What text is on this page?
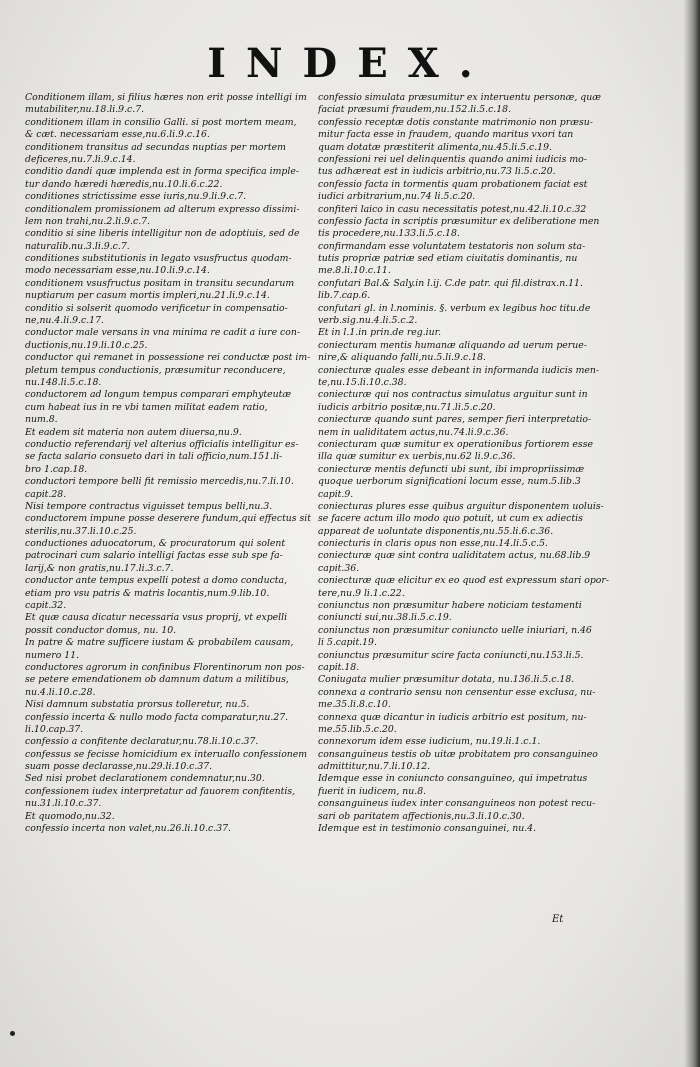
INDEX.
Conditionem illam, si filius hæres non erit posse intelligi im
mutabiliter,nu.18.li.9.c.7.
conditionem illam in consilio Galli. si post mortem meam,
& cæt. necessariam esse,nu.6.li.9.c.16.
conditionem transitus ad secundas nuptias per mortem
deficeres,nu.7.li.9.c.14.
conditio dandi quæ implenda est in forma specifica imple-
tur dando hæredi hæredis,nu.10.li.6.c.22.
conditiones strictissime esse iuris,nu.9.li.9.c.7.
conditionalem promissionem ad alterum expresso dissimi-
lem non trahi,nu.2.li.9.c.7.
conditio si sine liberis intelligitur non de adoptiuis, sed de
naturalib.nu.3.li.9.c.7.
conditiones substitutionis in legato vsusfructus quodam-
modo necessariam esse,nu.10.li.9.c.14.
conditionem vsusfructus positam in transitu secundarum
nuptiarum per casum mortis impleri,nu.21.li.9.c.14.
conditio si solserit quomodo verificetur in compensatio-
ne,nu.4.li.9.c.17.
conductor male versans in vna minima re cadit a iure con-
ductionis,nu.19.li.10.c.25.
conductor qui remanet in possessione rei conductæ post im-
pletum tempus conductionis, præsumitur reconducere,
nu.148.li.5.c.18.
conductorem ad longum tempus comparari emphyteutæ
cum habeat ius in re vbi tamen militat eadem ratio,
num.8.
Et eadem sit materia non autem diuersa,nu.9.
conductio referendarij vel alterius officialis intelligitur es-
se facta salario consueto dari in tali officio,num.151.li-
bro 1.cap.18.
conductori tempore belli fit remissio mercedis,nu.7.li.10.
capit.28.
Nisi tempore contractus viguisset tempus belli,nu.3.
conductorem impune posse deserere fundum,qui effectus sit
sterilis,nu.37.li.10.c.25.
conductiones aduocatorum, & procuratorum qui solent
patrocinari cum salario intelligi factas esse sub spe fa-
larij,& non gratis,nu.17.li.3.c.7.
conductor ante tempus expelli potest a domo conducta,
etiam pro vsu patris & matris locantis,num.9.lib.10.
capit.32.
Et quæ causa dicatur necessaria vsus proprij, vt expelli
possit conductor domus, nu. 10.
In patre & matre sufficere iustam & probabilem causam,
numero 11.
conductores agrorum in confinibus Florentinorum non pos-
se petere emendationem ob damnum datum a militibus,
nu.4.li.10.c.28.
Nisi damnum substatia prorsus tolleretur, nu.5.
confessio incerta & nullo modo facta comparatur,nu.27.
li.10.cap.37.
confessio a confitente declaratur,nu.78.li.10.c.37.
confessus se fecisse homicidium ex interuallo confessionem
suam posse declarasse,nu.29.li.10.c.37.
Sed nisi probet declarationem condemnatur,nu.30.
confessionem iudex interpretatur ad fauorem confitentis,
nu.31.li.10.c.37.
Et quomodo,nu.32.
confessio incerta non valet,nu.26.li.10.c.37.
confessio simulata præsumitur ex interuentu personæ, quæ
faciat præsumi fraudem,nu.152.li.5.c.18.
confessio receptæ dotis constante matrimonio non præsu-
mitur facta esse in fraudem, quando maritus vxori tan
quam dotatæ præstiterit alimenta,nu.45.li.5.c.19.
confessioni rei uel delinquentis quando animi iudicis mo-
tus adhæreat est in iudicis arbitrio,nu.73 li.5.c.20.
confessio facta in tormentis quam probationem faciat est
iudici arbitrarium,nu.74 li.5.c.20.
confiteri laico in casu necessitatis potest,nu.42.li.10.c.32
confessio facta in scriptis præsumitur ex deliberatione men
tis procedere,nu.133.li.5.c.18.
confirmandam esse voluntatem testatoris non solum sta-
tutis propriæ patriæ sed etiam ciuitatis dominantis, nu
me.8.li.10.c.11.
confutari Bal.& Saly.in l.ij. C.de patr. qui fil.distrax.n.11.
lib.7.cap.6.
confutari gl. in l.nominis. §. verbum ex legibus hoc titu.de
verb.sig.nu.4.li.5.c.2.
Et in l.1.in prin.de reg.iur.
coniecturam mentis humanæ aliquando ad uerum perue-
nire,& aliquando falli,nu.5.li.9.c.18.
coniecturæ quales esse debeant in informanda iudicis men-
te,nu.15.li.10.c.38.
coniecturæ qui nos contractus simulatus arguitur sunt in
iudicis arbitrio positæ,nu.71.li.5.c.20.
coniecturæ quando sunt pares, semper fieri interpretatio-
nem in ualiditatem actus,nu.74.li.9.c.36.
coniecturam quæ sumitur ex operationibus fortiorem esse
illa quæ sumitur ex uerbis,nu.62 li.9.c.36.
coniecturæ mentis defuncti ubi sunt, ibi impropriissimæ
quoque uerborum significationi locum esse, num.5.lib.3
capit.9.
coniecturas plures esse quibus arguitur disponentem uoluis-
se facere actum illo modo quo potuit, ut cum ex adiectis
appareat de uoluntate disponentis,nu.55.li.6.c.36.
coniecturis in claris opus non esse,nu.14.li.5.c.5.
coniecturæ quæ sint contra ualiditatem actus, nu.68.lib.9
capit.36.
coniecturæ quæ elicitur ex eo quod est expressum stari opor-
tere,nu.9 li.1.c.22.
coniunctus non præsumitur habere noticiam testamenti
coniuncti sui,nu.38.li.5.c.19.
coniunctus non præsumitur coniuncto uelle iniuriari, n.46
li 5.capit.19.
coniunctus præsumitur scire facta coniuncti,nu.153.li.5.
capit.18.
Coniugata mulier præsumitur dotata, nu.136.li.5.c.18.
connexa a contrario sensu non censentur esse exclusa, nu-
me.35.li.8.c.10.
connexa quæ dicantur in iudicis arbitrio est positum, nu-
me.55.lib.5.c.20.
connexorum idem esse iudicium, nu.19.li.1.c.1.
consanguineus testis ob uitæ probitatem pro consanguineo
admittitur,nu.7.li.10.12.
Idemque esse in coniuncto consanguineo, qui impetratus
fuerit in iudicem, nu.8.
consanguineus iudex inter consanguineos non potest recu-
sari ob paritatem affectionis,nu.3.li.10.c.30.
Idemque est in testimonio consanguinei, nu.4.
Et
